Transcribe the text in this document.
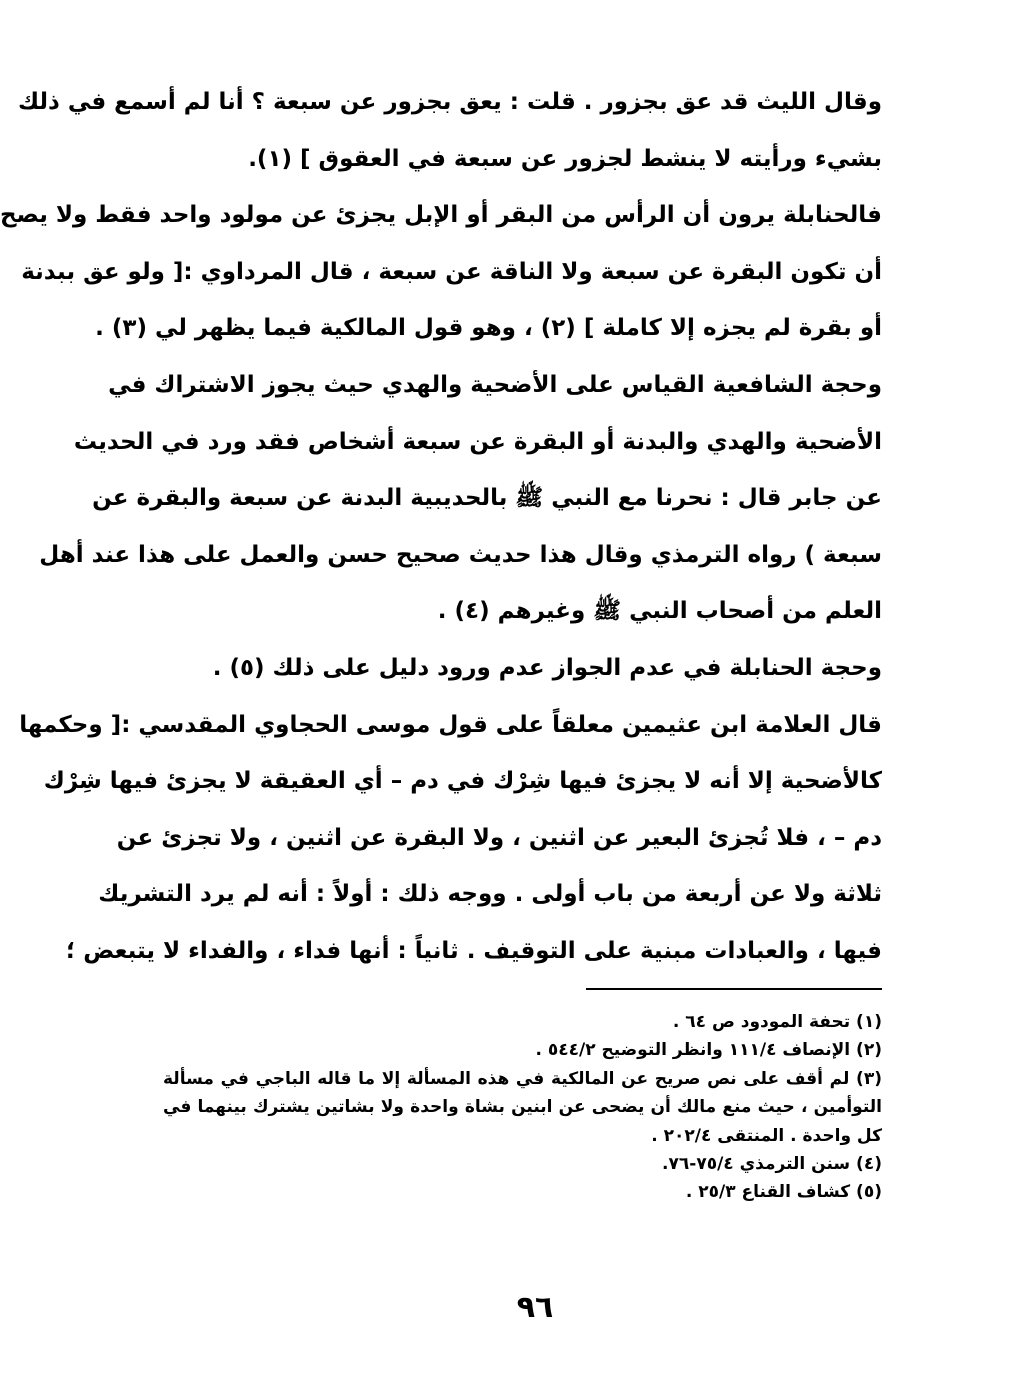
وقال الليث قد عق بجزور . قلت : يعق بجزور عن سبعة ؟ أنا لم أسمع في ذلك
بشيء ورأيته لا ينشط لجزور عن سبعة في العقوق ] (١).
فالحنابلة يرون أن الرأس من البقر أو الإبل يجزئ عن مولود واحد فقط ولا يصح
أن تكون البقرة عن سبعة ولا الناقة عن سبعة ، قال المرداوي :[ ولو عق ببدنة
أو بقرة لم يجزه إلا كاملة ] (٢) ، وهو قول المالكية فيما يظهر لي (٣) .
وحجة الشافعية القياس على الأضحية والهدي حيث يجوز الاشتراك في
الأضحية والهدي والبدنة أو البقرة عن سبعة أشخاص فقد ورد في الحديث
عن جابر قال : نحرنا مع النبي ﷺ بالحديبية البدنة عن سبعة والبقرة عن
سبعة ) رواه الترمذي وقال هذا حديث صحيح حسن والعمل على هذا عند أهل
العلم من أصحاب النبي ﷺ وغيرهم (٤) .
وحجة الحنابلة في عدم الجواز عدم ورود دليل على ذلك (٥) .
قال العلامة ابن عثيمين معلقاً على قول موسى الحجاوي المقدسي :[ وحكمها
كالأضحية إلا أنه لا يجزئ فيها شِرْك في دم – أي العقيقة لا يجزئ فيها شِرْك
دم – ، فلا تُجزئ البعير عن اثنين ، ولا البقرة عن اثنين ، ولا تجزئ عن
ثلاثة ولا عن أربعة من باب أولى . ووجه ذلك : أولاً : أنه لم يرد التشريك
فيها ، والعبادات مبنية على التوقيف . ثانياً : أنها فداء ، والفداء لا يتبعض ؛
(١) تحفة المودود ص ٦٤ .
(٢) الإنصاف ١١١/٤ وانظر التوضيح ٥٤٤/٢ .
(٣) لم أقف على نص صريح عن المالكية في هذه المسألة إلا ما قاله الباجي في مسألة
التوأمين ، حيث منع مالك أن يضحى عن ابنين بشاة واحدة ولا بشاتين يشترك بينهما في
كل واحدة . المنتقى ٢٠٢/٤ .
(٤) سنن الترمذي ٧٥/٤-٧٦.
(٥) كشاف القناع ٢٥/٣ .
٩٦
